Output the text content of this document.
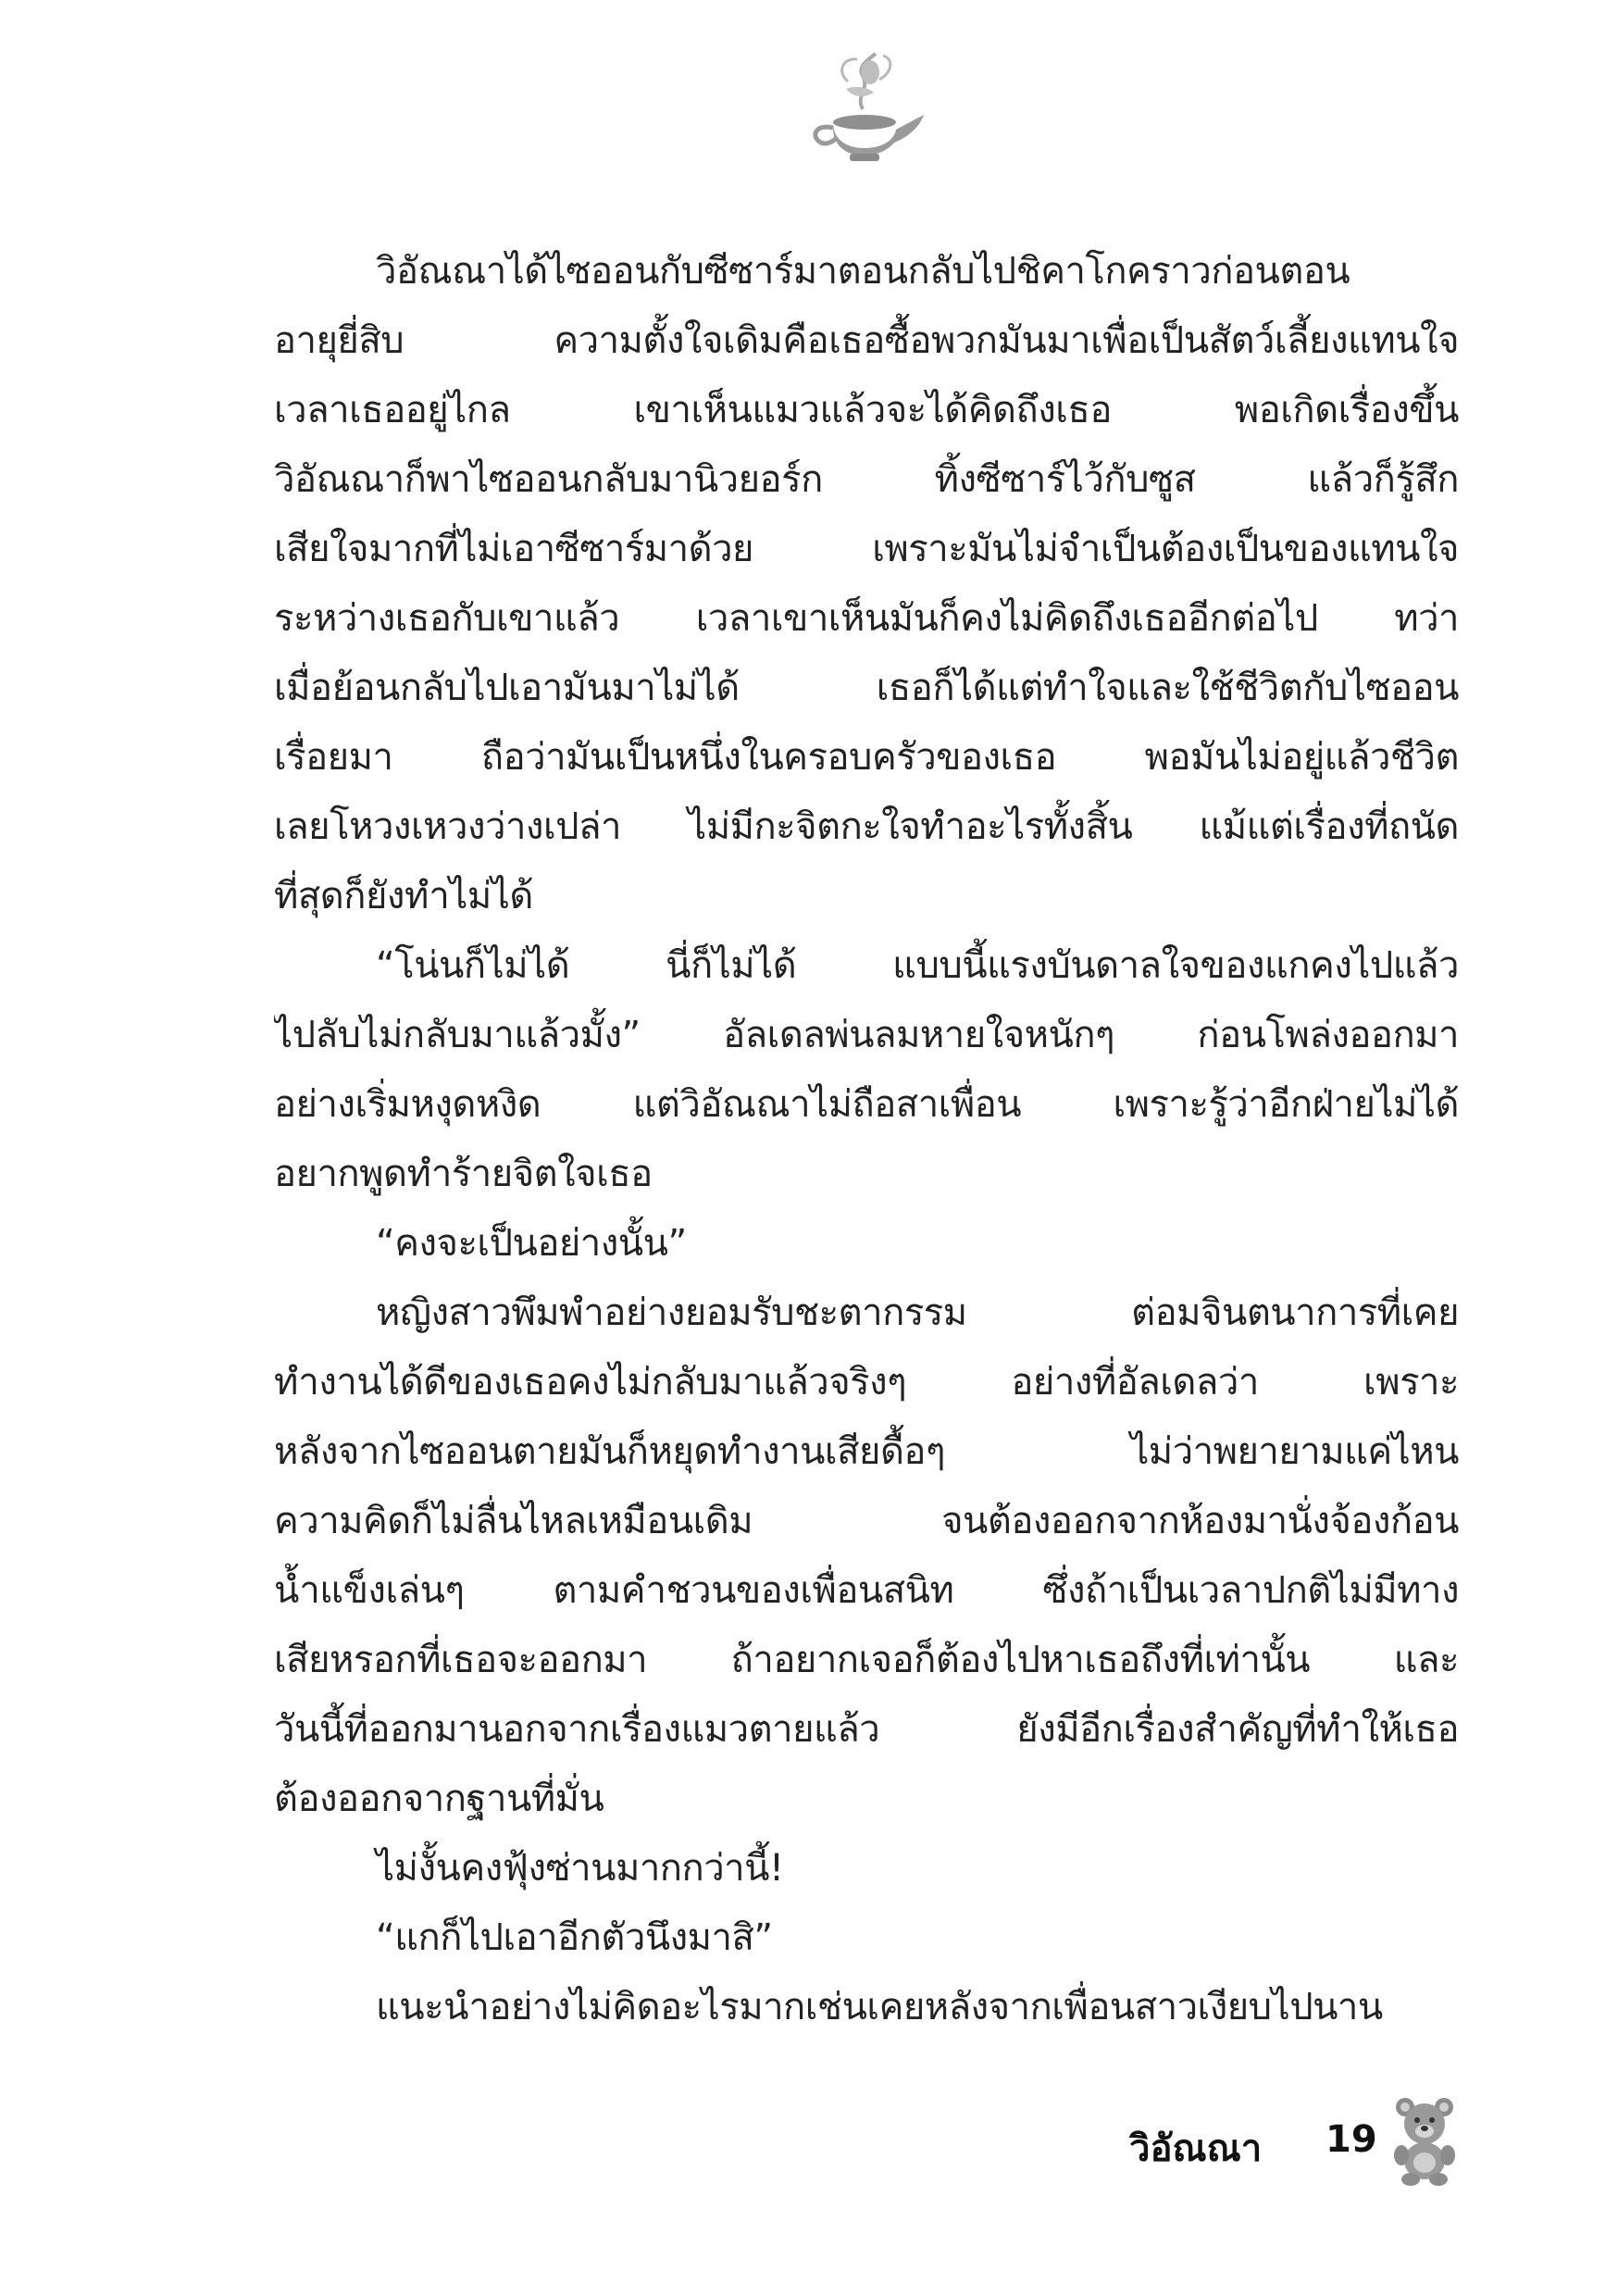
วิอัณณาได้ไซออนกับซีซาร์มาตอนกลับไปชิคาโกคราวก่อนตอน
อายุยี่สิบ ความตั้งใจเดิมคือเธอซื้อพวกมันมาเพื่อเป็นสัตว์เลี้ยงแทนใจ
เวลาเธออยู่ไกล เขาเห็นแมวแล้วจะได้คิดถึงเธอ พอเกิดเรื่องขึ้น
วิอัณณาก็พาไซออนกลับมานิวยอร์ก ทิ้งซีซาร์ไว้กับซูส แล้วก็รู้สึก
เสียใจมากที่ไม่เอาซีซาร์มาด้วย เพราะมันไม่จำเป็นต้องเป็นของแทนใจ
ระหว่างเธอกับเขาแล้ว เวลาเขาเห็นมันก็คงไม่คิดถึงเธออีกต่อไป ทว่า
เมื่อย้อนกลับไปเอามันมาไม่ได้ เธอก็ได้แต่ทำใจและใช้ชีวิตกับไซออน
เรื่อยมา ถือว่ามันเป็นหนึ่งในครอบครัวของเธอ พอมันไม่อยู่แล้วชีวิต
เลยโหวงเหวงว่างเปล่า ไม่มีกะจิตกะใจทำอะไรทั้งสิ้น แม้แต่เรื่องที่ถนัด
ที่สุดก็ยังทำไม่ได้
“โน่นก็ไม่ได้ นี่ก็ไม่ได้ แบบนี้แรงบันดาลใจของแกคงไปแล้ว
ไปลับไม่กลับมาแล้วมั้ง” อัลเดลพ่นลมหายใจหนักๆ ก่อนโพล่งออกมา
อย่างเริ่มหงุดหงิด แต่วิอัณณาไม่ถือสาเพื่อน เพราะรู้ว่าอีกฝ่ายไม่ได้
อยากพูดทำร้ายจิตใจเธอ
“คงจะเป็นอย่างนั้น”
หญิงสาวพึมพำอย่างยอมรับชะตากรรม ต่อมจินตนาการที่เคย
ทำงานได้ดีของเธอคงไม่กลับมาแล้วจริงๆ อย่างที่อัลเดลว่า เพราะ
หลังจากไซออนตายมันก็หยุดทำงานเสียดื้อๆ ไม่ว่าพยายามแค่ไหน
ความคิดก็ไม่ลื่นไหลเหมือนเดิม จนต้องออกจากห้องมานั่งจ้องก้อน
น้ำแข็งเล่นๆ ตามคำชวนของเพื่อนสนิท ซึ่งถ้าเป็นเวลาปกติไม่มีทาง
เสียหรอกที่เธอจะออกมา ถ้าอยากเจอก็ต้องไปหาเธอถึงที่เท่านั้น และ
วันนี้ที่ออกมานอกจากเรื่องแมวตายแล้ว ยังมีอีกเรื่องสำคัญที่ทำให้เธอ
ต้องออกจากฐานที่มั่น
ไม่งั้นคงฟุ้งซ่านมากกว่านี้!
“แกก็ไปเอาอีกตัวนึงมาสิ”
แนะนำอย่างไม่คิดอะไรมากเช่นเคยหลังจากเพื่อนสาวเงียบไปนาน
วิอัณณา	19
